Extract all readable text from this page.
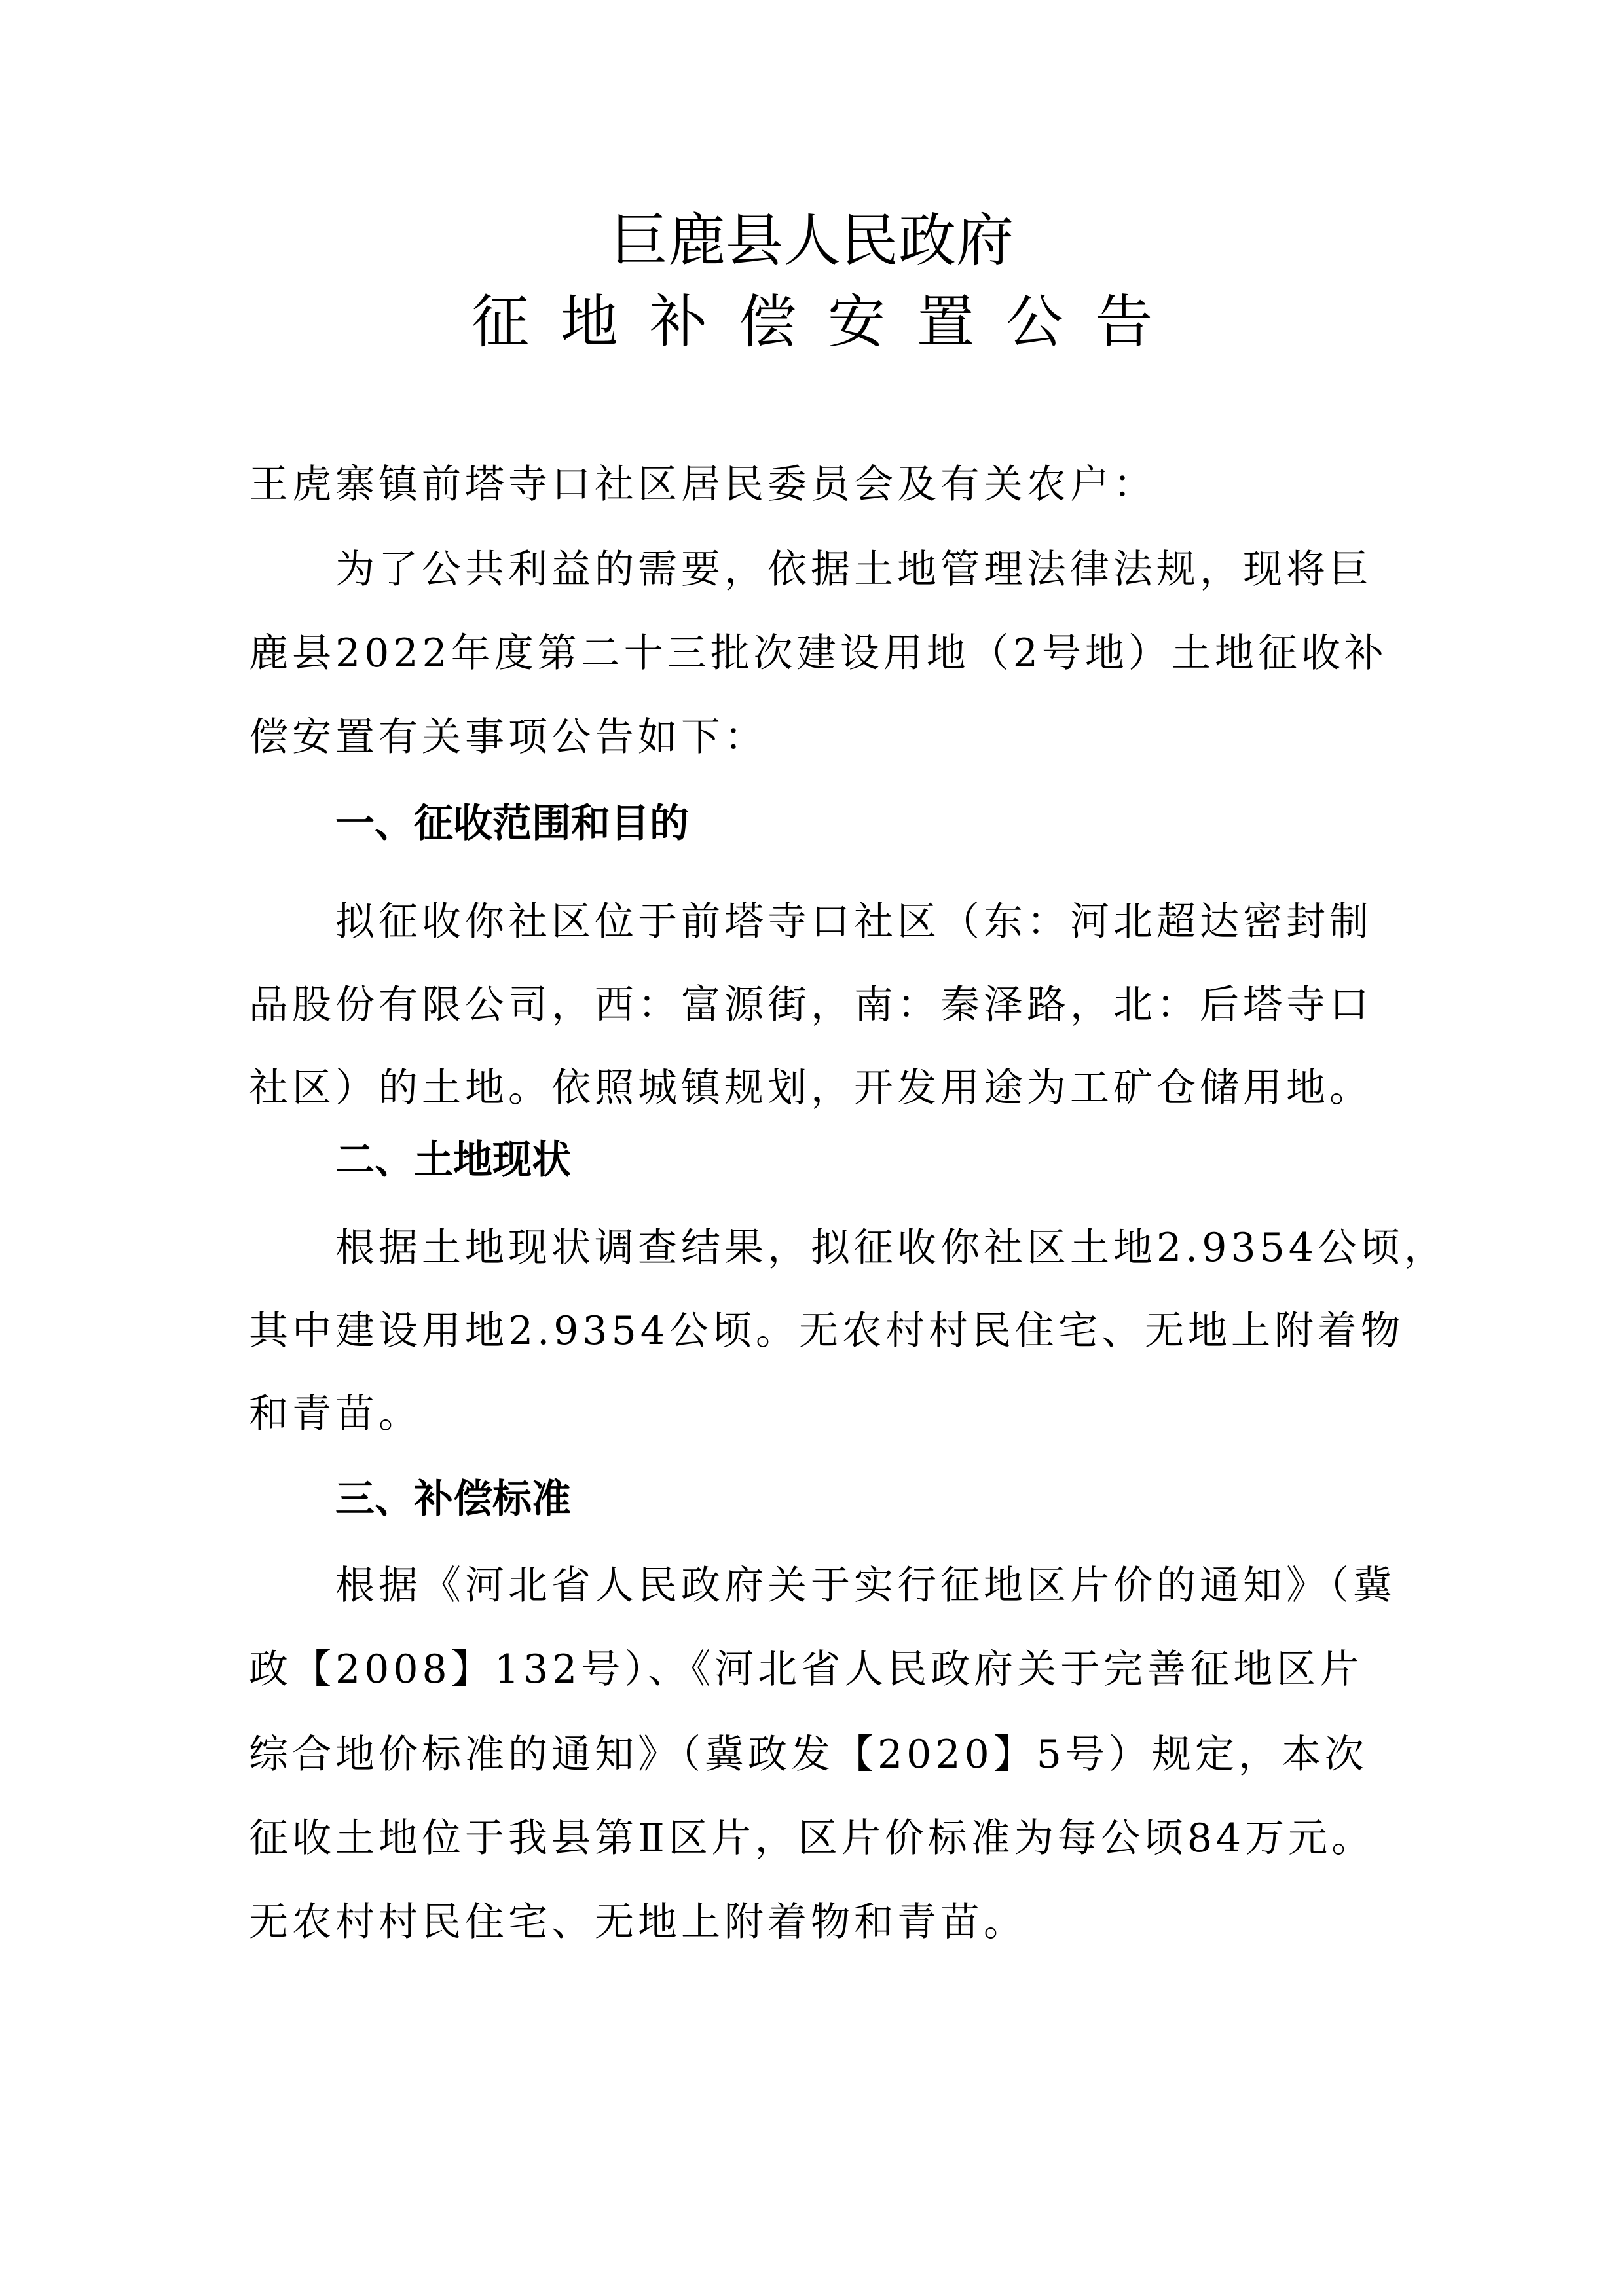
巨鹿县人民政府
征地补偿安置公告

王虎寨镇前塔寺口社区居民委员会及有关农户：

为了公共利益的需要，依据土地管理法律法规，现将巨

鹿县2022年度第二十三批次建设用地（2号地）土地征收补

偿安置有关事项公告如下：

一、征收范围和目的

拟征收你社区位于前塔寺口社区（东：河北超达密封制

品股份有限公司，西：富源街，南：秦泽路，北：后塔寺口

社区）的土地。依照城镇规划，开发用途为工矿仓储用地。

二、土地现状

根据土地现状调查结果，拟征收你社区土地2.9354公顷，

其中建设用地2.9354公顷。无农村村民住宅、无地上附着物

和青苗。

三、补偿标准

根据《河北省人民政府关于实行征地区片价的通知》（冀

政【2008】132号）、《河北省人民政府关于完善征地区片

综合地价标准的通知》（冀政发【2020】5号）规定，本次

征收土地位于我县第Ⅱ区片，区片价标准为每公顷84万元。

无农村村民住宅、无地上附着物和青苗。
